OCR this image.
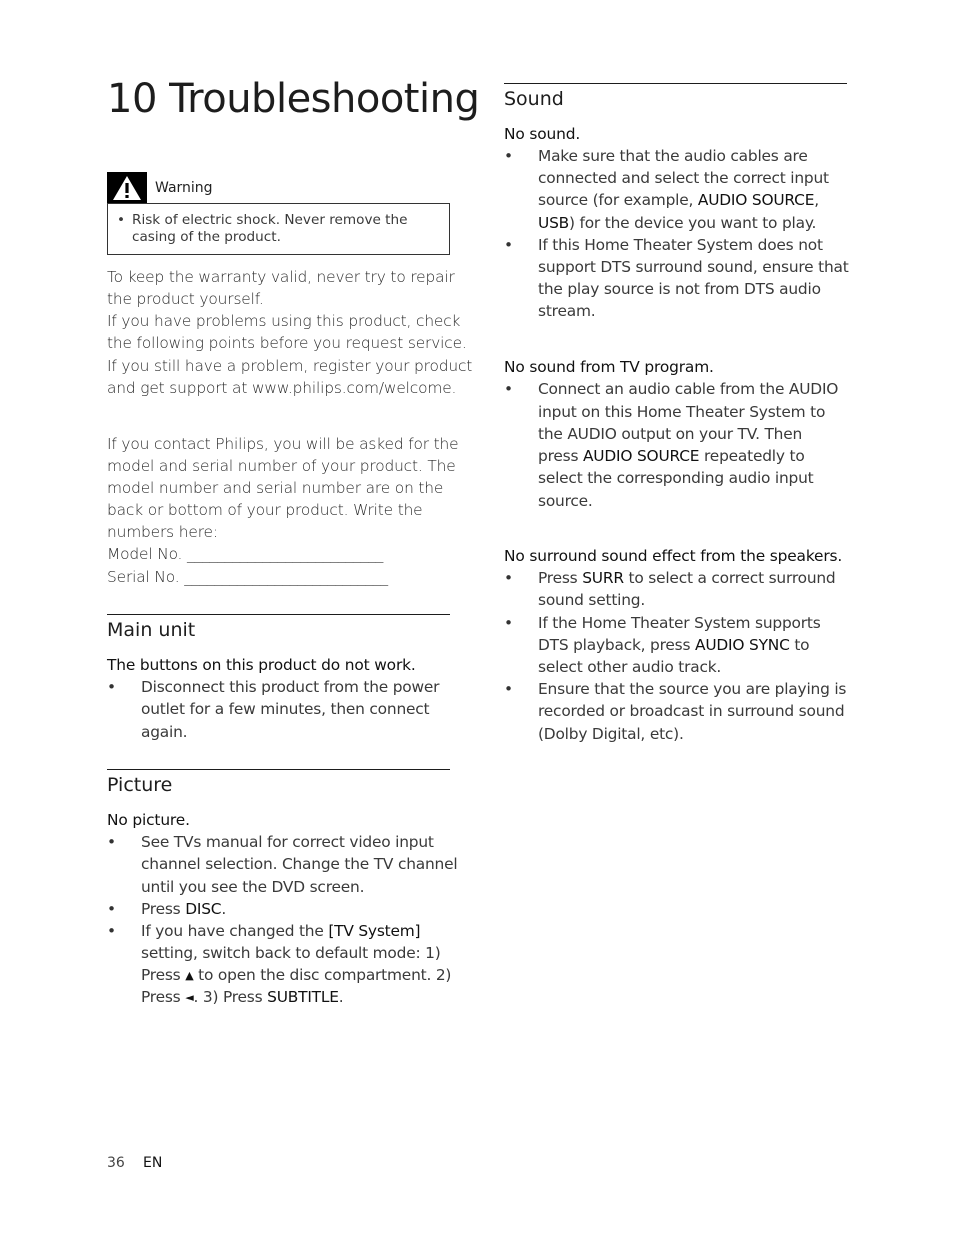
10 Troubleshooting
Warning
• Risk of electric shock. Never remove the
casing of the product.
To keep the warranty valid, never try to repair
the product yourself.
If you have problems using this product, check
the following points before you request service.
If you still have a problem, register your product
and get support at www.philips.com/welcome.
If you contact Philips, you will be asked for the
model and serial number of your product. The
model number and serial number are on the
back or bottom of your product. Write the
numbers here:
Model No. __________________________
Serial No. ___________________________
Main unit
The buttons on this product do not work.
• Disconnect this product from the power
outlet for a few minutes, then connect
again.
Picture
No picture.
• See TVs manual for correct video input
channel selection. Change the TV channel
until you see the DVD screen.
• Press DISC.
• If you have changed the [TV System]
setting, switch back to default mode: 1)
Press ▲ to open the disc compartment. 2)
Press ◄. 3) Press SUBTITLE.
Sound
No sound.
• Make sure that the audio cables are
connected and select the correct input
source (for example, AUDIO SOURCE,
USB) for the device you want to play.
• If this Home Theater System does not
support DTS surround sound, ensure that
the play source is not from DTS audio
stream.
No sound from TV program.
• Connect an audio cable from the AUDIO
input on this Home Theater System to
the AUDIO output on your TV. Then
press AUDIO SOURCE repeatedly to
select the corresponding audio input
source.
No surround sound effect from the speakers.
• Press SURR to select a correct surround
sound setting.
• If the Home Theater System supports
DTS playback, press AUDIO SYNC to
select other audio track.
• Ensure that the source you are playing is
recorded or broadcast in surround sound
(Dolby Digital, etc).
36 EN
